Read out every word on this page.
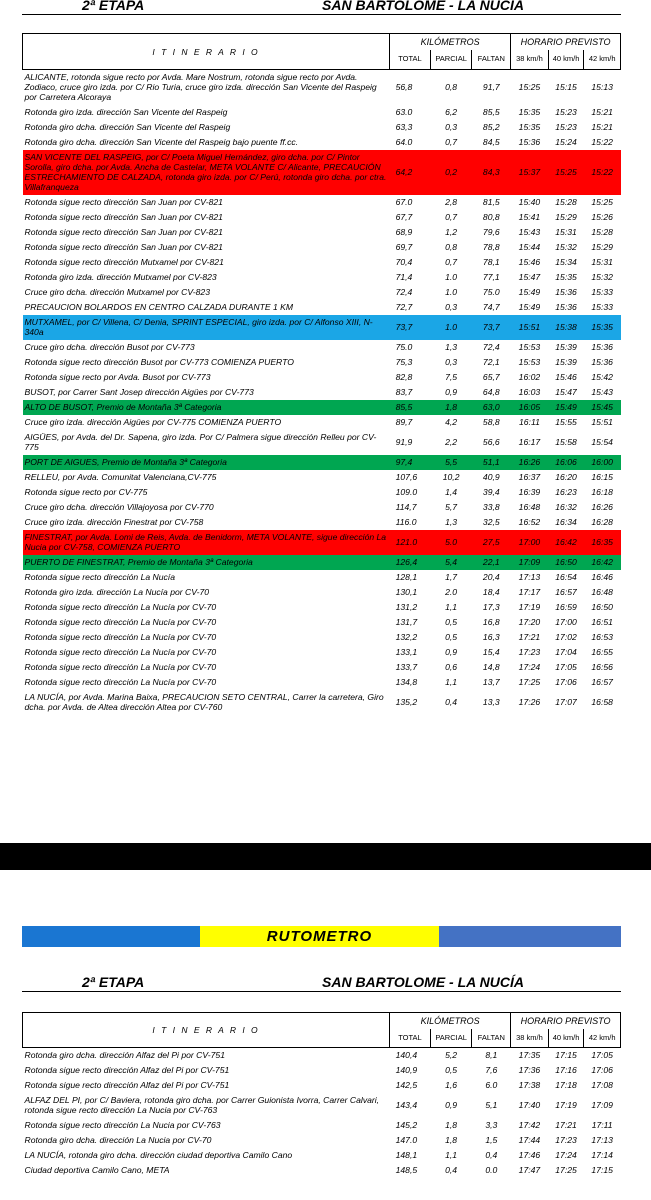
2ª ETAPA	SAN BARTOLOME - LA NUCIA
I T I N E R A R I O	KILÓMETROS			HORARIO PREVISTO		
	TOTAL	PARCIAL	FALTAN	38 km/h	40 km/h	42 km/h
ALICANTE, rotonda sigue recto por Avda. Mare Nostrum, rotonda sigue recto por Avda. Zodiaco, cruce giro izda. por C/ Rio Turia, cruce giro izda. dirección San Vicente del Raspeig por Carretera Alcoraya	56,8	0,8	91,7	15:25	15:15	15:13
Rotonda giro izda. dirección San Vicente del Raspeig	63.0	6,2	85,5	15:35	15:23	15:21
Rotonda giro dcha. dirección San Vicente del Raspeig	63,3	0,3	85,2	15:35	15:23	15:21
Rotonda giro dcha. dirección San Vicente del Raspeig bajo puente ff.cc.	64.0	0,7	84,5	15:36	15:24	15:22
SAN VICENTE DEL RASPEIG, por C/ Poeta Miguel Hernández, giro dcha. por C/ Pintor Sorolla, giro dcha. por Avda. Ancha de Castelar, META VOLANTE C/ Alicante, PRECAUCIÓN ESTRECHAMIENTO DE CALZADA, rotonda giro izda. por C/ Perú, rotonda giro dcha. por ctra. Villafranqueza	64,2	0,2	84,3	15:37	15:25	15:22
Rotonda sigue recto dirección San Juan por CV-821	67.0	2,8	81,5	15:40	15:28	15:25
Rotonda sigue recto dirección San Juan por CV-821	67,7	0,7	80,8	15:41	15:29	15:26
Rotonda sigue recto dirección San Juan por CV-821	68,9	1,2	79,6	15:43	15:31	15:28
Rotonda sigue recto dirección San Juan por CV-821	69,7	0,8	78,8	15:44	15:32	15:29
Rotonda sigue recto dirección Mutxamel por CV-821	70,4	0,7	78,1	15:46	15:34	15:31
Rotonda giro izda. dirección Mutxamel por CV-823	71,4	1.0	77,1	15:47	15:35	15:32
Cruce giro dcha. dirección Mutxamel por CV-823	72,4	1.0	75.0	15:49	15:36	15:33
PRECAUCION BOLARDOS EN CENTRO CALZADA DURANTE 1 KM	72,7	0,3	74,7	15:49	15:36	15:33
MUTXAMEL, por C/ Villena, C/ Denia, SPRINT ESPECIAL, giro izda. por C/ Alfonso XIII, N-340a	73,7	1.0	73,7	15:51	15:38	15:35
Cruce giro dcha. dirección Busot por CV-773	75.0	1,3	72,4	15:53	15:39	15:36
Rotonda sigue recto dirección Busot por CV-773 COMIENZA PUERTO	75,3	0,3	72,1	15:53	15:39	15:36
Rotonda sigue recto por Avda. Busot por CV-773	82,8	7,5	65,7	16:02	15:46	15:42
BUSOT, por Carrer Sant Josep dirección Aigües por CV-773	83,7	0,9	64,8	16:03	15:47	15:43
ALTO DE BUSOT, Premio de Montaña 3ª Categoria	85,5	1,8	63,0	16:05	15:49	15:45
Cruce giro izda. dirección Aigües por CV-775 COMIENZA PUERTO	89,7	4,2	58,8	16:11	15:55	15:51
AIGÜES, por Avda. del Dr. Sapena, giro izda. Por C/ Palmera sigue dirección Relleu por CV- 775	91,9	2,2	56,6	16:17	15:58	15:54
PORT DE AIGUES, Premio de Montaña 3ª Categoria	97,4	5,5	51,1	16:26	16:06	16:00
RELLEU, por Avda. Comunitat Valenciana,CV-775	107,6	10,2	40,9	16:37	16:20	16:15
Rotonda sigue recto por CV-775	109.0	1,4	39,4	16:39	16:23	16:18
Cruce giro dcha. dirección Villajoyosa por CV-770	114,7	5,7	33,8	16:48	16:32	16:26
Cruce giro izda. dirección Finestrat por CV-758	116.0	1,3	32,5	16:52	16:34	16:28
FINESTRAT, por Avda. Lomi de Reis, Avda. de Benidorm, META VOLANTE, sigue dirección La Nucia por CV-758, COMIENZA PUERTO	121.0	5.0	27,5	17:00	16:42	16:35
PUERTO DE FINESTRAT, Premio de Montaña 3ª Categoria	126,4	5,4	22,1	17:09	16:50	16:42
Rotonda sigue recto dirección La Nucía	128,1	1,7	20,4	17:13	16:54	16:46
Rotonda giro izda. dirección La Nucía por CV-70	130,1	2.0	18,4	17:17	16:57	16:48
Rotonda sigue recto dirección La Nucía por CV-70	131,2	1,1	17,3	17:19	16:59	16:50
Rotonda sigue recto dirección La Nucía por CV-70	131,7	0,5	16,8	17:20	17:00	16:51
Rotonda sigue recto dirección La Nucía por CV-70	132,2	0,5	16,3	17:21	17:02	16:53
Rotonda sigue recto dirección La Nucía por CV-70	133,1	0,9	15,4	17:23	17:04	16:55
Rotonda sigue recto dirección La Nucía por CV-70	133,7	0,6	14,8	17:24	17:05	16:56
Rotonda sigue recto dirección La Nucía por CV-70	134,8	1,1	13,7	17:25	17:06	16:57
LA NUCÍA, por Avda. Marina Baixa, PRECAUCION SETO CENTRAL, Carrer la carretera, Giro dcha. por Avda. de Altea dirección Altea por CV-760	135,2	0,4	13,3	17:26	17:07	16:58
RUTOMETRO
2ª ETAPA	SAN BARTOLOME - LA NUCÍA
I T I N E R A R I O	KILÓMETROS			HORARIO PREVISTO		
	TOTAL	PARCIAL	FALTAN	38 km/h	40 km/h	42 km/h
Rotonda giro dcha. dirección Alfaz del Pi por CV-751	140,4	5,2	8,1	17:35	17:15	17:05
Rotonda sigue recto dirección Alfaz del Pi por CV-751	140,9	0,5	7,6	17:36	17:16	17:06
Rotonda sigue recto dirección Alfaz del Pi por CV-751	142,5	1,6	6.0	17:38	17:18	17:08
ALFAZ DEL PI, por C/ Baviera, rotonda giro dcha. por Carrer Guionista Ivorra, Carrer Calvari, rotonda sigue recto dirección La Nucia por CV-763	143,4	0,9	5,1	17:40	17:19	17:09
Rotonda sigue recto dirección La Nucia por CV-763	145,2	1,8	3,3	17:42	17:21	17:11
Rotonda giro dcha. dirección La Nucia por CV-70	147.0	1,8	1,5	17:44	17:23	17:13
LA NUCÍA, rotonda giro dcha. dirección ciudad deportiva Camilo Cano	148,1	1,1	0,4	17:46	17:24	17:14
Ciudad deportiva Camilo Cano, META	148,5	0,4	0.0	17:47	17:25	17:15
